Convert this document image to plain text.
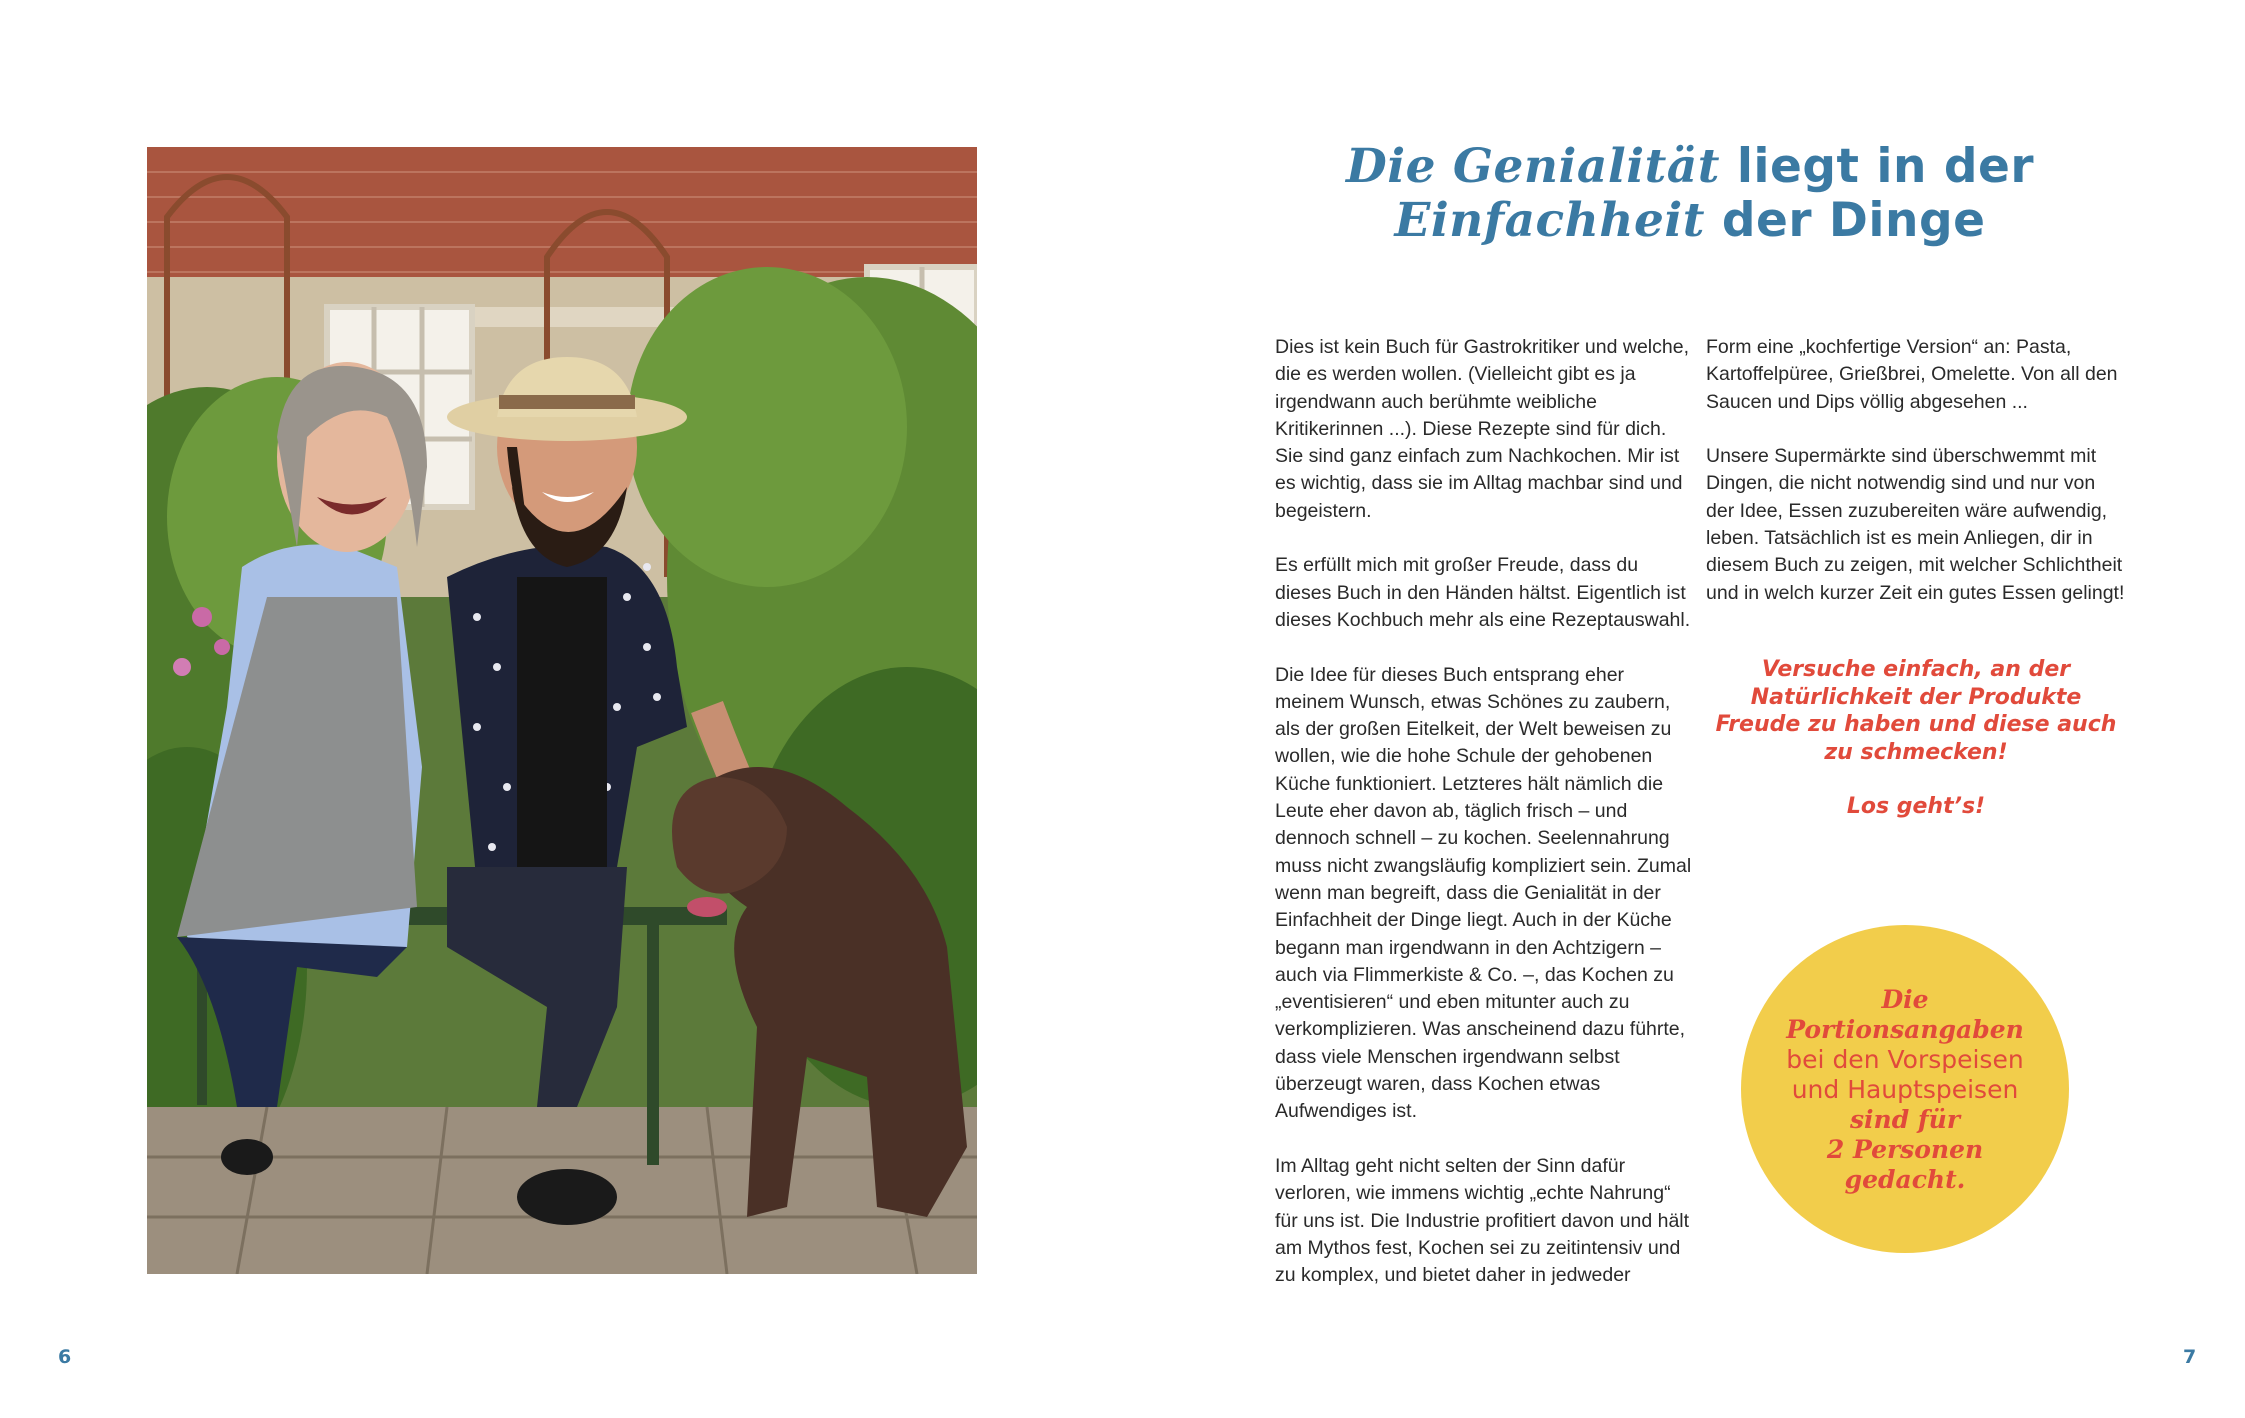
Die Genialität liegt in der
Einfachheit der Dinge

Dies ist kein Buch für Gastrokritiker und welche, die es werden wollen. (Vielleicht gibt es ja irgendwann auch berühmte weibliche Kritikerinnen ...). Diese Rezepte sind für dich. Sie sind ganz einfach zum Nachkochen. Mir ist es wichtig, dass sie im Alltag machbar sind und begeistern.

Es erfüllt mich mit großer Freude, dass du dieses Buch in den Händen hältst. Eigentlich ist dieses Kochbuch mehr als eine Rezeptauswahl.

Die Idee für dieses Buch entsprang eher meinem Wunsch, etwas Schönes zu zaubern, als der großen Eitelkeit, der Welt beweisen zu wollen, wie die hohe Schule der gehobenen Küche funktioniert. Letzteres hält nämlich die Leute eher davon ab, täglich frisch – und dennoch schnell – zu kochen. Seelennahrung muss nicht zwangsläufig kompliziert sein. Zumal wenn man begreift, dass die Genialität in der Einfachheit der Dinge liegt. Auch in der Küche begann man irgendwann in den Achtzigern – auch via Flimmerkiste & Co. –, das Kochen zu „eventisieren“ und eben mitunter auch zu verkomplizieren. Was anscheinend dazu führte, dass viele Menschen irgendwann selbst überzeugt waren, dass Kochen etwas Aufwendiges ist.

Im Alltag geht nicht selten der Sinn dafür verloren, wie immens wichtig „echte Nahrung“ für uns ist. Die Industrie profitiert davon und hält am Mythos fest, Kochen sei zu zeitintensiv und zu komplex, und bietet daher in jedweder

Form eine „kochfertige Version“ an: Pasta, Kartoffelpüree, Grießbrei, Omelette. Von all den Saucen und Dips völlig abgesehen ...

Unsere Supermärkte sind überschwemmt mit Dingen, die nicht notwendig sind und nur von der Idee, Essen zuzubereiten wäre aufwendig, leben. Tatsächlich ist es mein Anliegen, dir in diesem Buch zu zeigen, mit welcher Schlichtheit und in welch kurzer Zeit ein gutes Essen gelingt!

Versuche einfach, an der Natürlichkeit der Produkte Freude zu haben und diese auch zu schmecken!
Los geht’s!
Die
Portionsangaben
bei den Vorspeisen
und Hauptspeisen
sind für
2 Personen
gedacht.
6	7
